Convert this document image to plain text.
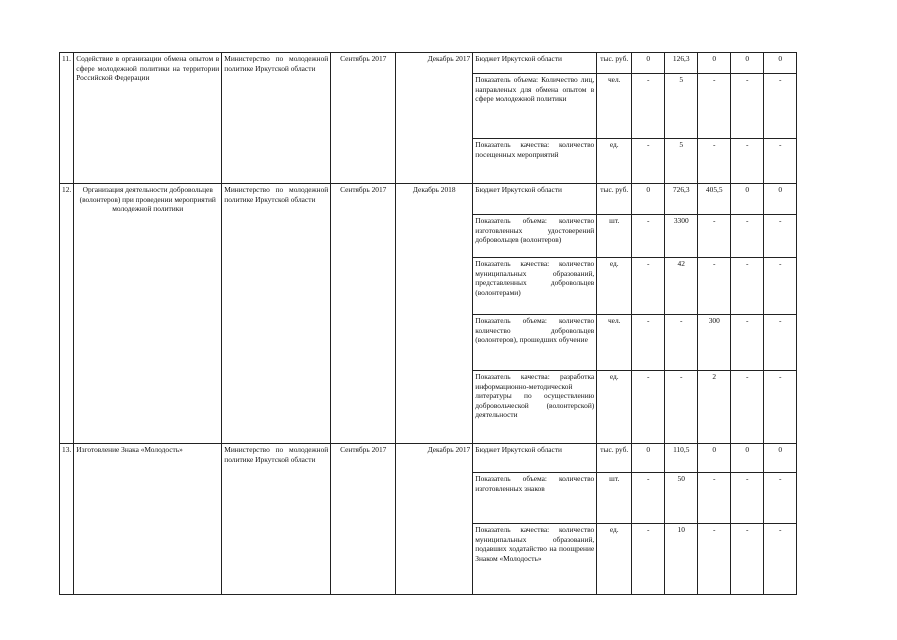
11.	Содействие в организации обмена опытом в сфере молодежной политики на территории Российской Федерации	Министерство по молодежной политике Иркутской области	Сентябрь 2017	Декабрь 2017	Бюджет Иркутской области	тыс. руб.	0	126,3	0	0	0
					Показатель объема: Количество лиц, направленых для обмена опытом в сфере молодежной политики	чел.	-	5	-	-	-
					Показатель качества: количество посещенных мероприятий	ед.	-	5	-	-	-
12.	Организация деятельности добровольцев (волонтеров) при проведении мероприятий молодежной политики	Министерство по молодежной политике Иркутской области	Сентябрь 2017	Декабрь 2018	Бюджет Иркутской области	тыс. руб.	0	726,3	405,5	0	0
					Показатель объема: количество изготовленных удостоверений добровольцев (волонтеров)	шт.	-	3300	-	-	-
					Показатель качества: количество муниципальных образований, представленных добровольцев (волонтерами)	ед.	-	42	-	-	-
					Показатель объема: количество количество добровольцев (волонтеров), прошедших обучение	чел.	-	-	300	-	-
					Показатель качества: разработка информационно-методической литературы по осуществлению добровольческой (волонтерской) деятельности	ед.	-	-	2	-	-
13.	Изготовление Знака «Молодость»	Министерство по молодежной политике Иркутской области	Сентябрь 2017	Декабрь 2017	Бюджет Иркутской области	тыс. руб.	0	110,5	0	0	0
					Показатель объема: количество изготовленных знаков	шт.	-	50	-	-	-
					Показатель качества: количество муниципальных образований, подавших ходатайство на поощрение Знаком «Молодость»	ед.	-	10	-	-	-
